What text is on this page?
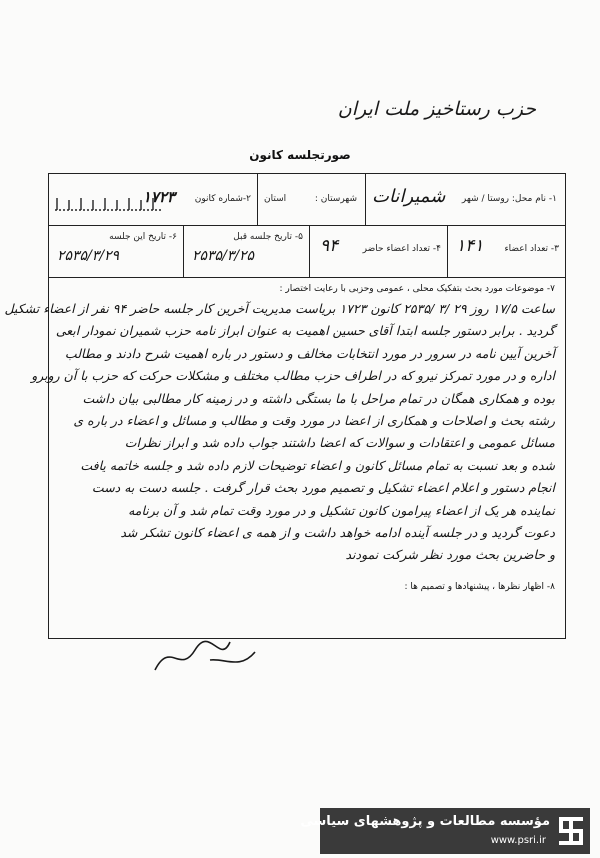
حزب رستاخیز ملت ایران
صورتجلسه کانون
۱- نام محل: روستا / شهر
شمیرانات
شهرستان :
استان
۲-شماره کانون
۱۷۲۳
۳- تعداد اعضاء
۱۴۱
۴- تعداد اعضاء حاضر
۹۴
۵- تاریخ جلسه قبل
۲۵۳۵/۳/۲۵
۶- تاریخ این جلسه
۲۵۳۵/۳/۲۹
۷- موضوعات مورد بحث بتفکیک محلی ، عمومی وحزبی با رعایت اختصار :
ساعت ۱۷/۵ روز ۲۹ /۳ /۲۵۳۵ کانون ۱۷۲۳ بریاست مدیریت آخرین کار جلسه حاضر ۹۴ نفر از اعضاء تشکیل
گردید . برابر دستور جلسه ابتدا آقای حسین اهمیت به عنوان ابراز نامه حزب شمیران نمودار ابعی
آخرین آیین نامه در سرور در مورد انتخابات مخالف و دستور در باره اهمیت شرح دادند و مطالب
اداره و در مورد تمرکز نیرو که در اطراف حزب مطالب مختلف و مشکلات حرکت که حزب با آن روبرو
بوده و همکاری همگان در تمام مراحل با ما بستگی داشته و در زمینه کار مطالبی بیان داشت
رشته بحث و اصلاحات و همکاری از اعضا در مورد وقت و مطالب و مسائل و اعضاء در باره ی
مسائل عمومی و اعتقادات و سوالات که اعضا داشتند جواب داده شد و ابراز نظرات
شده و بعد نسبت به تمام مسائل کانون و اعضاء توضیحات لازم داده شد و جلسه خاتمه یافت
انجام دستور و اعلام اعضاء تشکیل و تصمیم مورد بحث قرار گرفت . جلسه دست به دست
نماینده هر یک از اعضاء پیرامون کانون تشکیل و در مورد وقت تمام شد و آن برنامه
دعوت گردید و در جلسه آینده ادامه خواهد داشت و از همه ی اعضاء کانون تشکر شد
و حاضرین بحث مورد نظر شرکت نمودند
۸- اظهار نظرها ، پیشنهادها و تصمیم ها :
مؤسسه مطالعات و پژوهشهای سیاسی
www.psri.ir
